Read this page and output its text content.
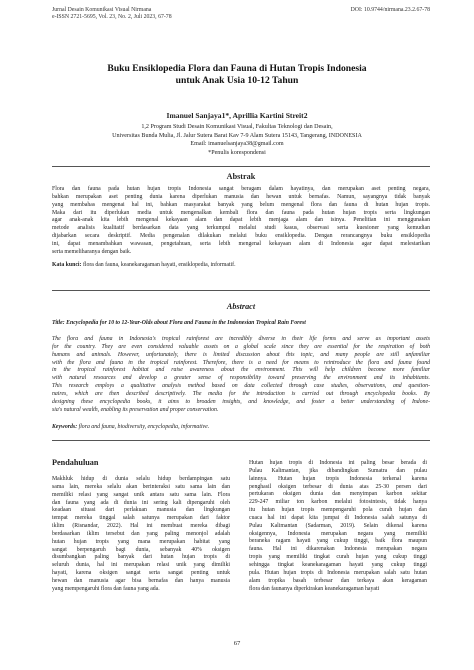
Jurnal Desain Komunikasi Visual Nirmana	DOI: 10.9744/nirmana.23.2.67-78
e-ISSN 2721-5695, Vol. 23, No. 2, Juli 2023, 67-78
Buku Ensiklopedia Flora dan Fauna di Hutan Tropis Indonesia
untuk Anak Usia 10-12 Tahun
Imanuel Sanjaya1*, Aprillia Kartini Streit2
1,2 Program Studi Desain Komunikasi Visual, Fakultas Teknologi dan Desain,
Universitas Bunda Mulia, Jl. Jalur Sutera Barat Kav 7-9 Alam Sutera 15143, Tangerang, INDONESIA
Email: imanuelsanjaya38@gmail.com
*Penulis korespondensi
Abstrak
Flora dan fauna pada hutan hujan tropis Indonesia sangat beragam dalam hayatinya, dan merupakan aset penting negara,
bahkan merupakan aset penting dunia karena diperlukan manusia dan hewan untuk bernafas. Namun, sayangnya tidak banyak
yang membahas mengenai hal ini, bahkan masyarakat banyak yang belum mengenal flora dan fauna di hutan hujan tropis.
Maka dari itu diperlukan media untuk mengenalkan kembali flora dan fauna pada hutan hujan tropis serta lingkungan
agar anak-anak kita lebih mengenal kekayaan alam dan dapat lebih menjaga alam dan isinya. Penelitian ini menggunakan
metode analisis kualitatif berdasarkan data yang terkumpul melalui studi kasus, observasi serta kuesioner yang kemudian
dijabarkan secara deskriptif. Media pengenalan dilakukan melalui buku ensiklopedia. Dengan rerancangnya buku ensiklopedia
ini, dapat menambahkan wawasan, pengetahuan, serta lebih mengenal kekayaan alam di Indonesia agar dapat melestarikan
serta memeliharanya dengan baik.
Kata kunci: flora dan fauna, keanekaragaman hayati, ensiklopedia, informatif.
Abstract
Title: Encyclopedia for 10 to 12-Year-Olds about Flora and Fauna in the Indonesian Tropical Rain Forest
The flora and fauna in Indonesia's tropical rainforest are incredibly diverse in their life forms and serve as important assets
for the country. They are even considered valuable assets on a global scale since they are essential for the respiration of both
humans and animals. However, unfortunately, there is limited discussion about this topic, and many people are still unfamiliar
with the flora and fauna in the tropical rainforest. Therefore, there is a need for means to reintroduce the flora and fauna found
in the tropical rainforest habitat and raise awareness about the environment. This will help children become more familiar
with natural resources and develop a greater sense of responsibility toward preserving the environment and its inhabitants.
This research employs a qualitative analysis method based on data collected through case studies, observations, and question-
naires, which are then described descriptively. The media for the introduction is carried out through encyclopedia books. By
designing these encyclopedia books, it aims to broaden insights, and knowledge, and foster a better understanding of Indone-
sia's natural wealth, enabling its preservation and proper conservation.
Keywords: flora and fauna, biodiversity, encyclopedia, informative.
Pendahuluan
Makhluk hidup di dunia selalu hidup berdampingan satu
sama lain, mereka selalu akan berinteraksi satu sama lain dan
memiliki relasi yang sangat unik antara satu sama lain. Flora
dan fauna yang ada di dunia ini sering kali dipengaruhi oleh
keadaan situasi dari perlakuan manusia dan lingkungan
tempat mereka tinggal salah satunya merupakan dari faktor
iklim (Risnandar, 2022). Hal ini membuat mereka dibagi
berdasarkan iklim tersebut dan yang paling menonjol adalah
hutan hujan tropis yang mana merupakan habitat yang
sangat berpengaruh bagi dunia, sebanyak 40% oksigen
disumbangkan paling banyak dari hutan hujan tropis di
seluruh dunia, hal ini merupakan relasi unik yang dimiliki
hayati, karena oksigen sangat serta sangat penting untuk
hewan dan manusia agar bisa bernafas dan hanya manusia
yang mempengaruhi flora dan fauna yang ada.
Hutan hujan tropis di Indonesia ini paling besar berada di
Pulau Kalimantan, jika dibandingkan Sumatra dan pulau
lainnya. Hutan hujan tropis Indonesia terkenal karena
penghasil oksigen terbesar di dunia atas 25-30 persen dari
pertukaran oksigen dunia dan menyimpan karbon sekitar
229-247 miliar ton karbon melalui fotosintesis, tidak hanya
itu hutan hujan tropis mempengaruhi pola curah hujan dan
cuaca hal ini dapat kita jumpai di Indonesia salah satunya di
Pulau Kalimantan (Sadarman, 2019). Selain dikenal karena
oksigennya, Indonesia merupakan negara yang memiliki
beraneka ragam hayati yang cukup tinggi, baik flora maupun
fauna. Hal ini dikarenakan Indonesia merupakan negara
tropis yang memiliki tingkat curah hujan yang cukup tinggi
sehingga tingkat keanekaragaman hayati yang cukup tinggi
pula. Hutan hujan tropis di Indonesia merupakan salah satu hutan
alam tropika basah terbesar dan terkaya akan keragaman
flora dan faunanya diperkirakan keanekaragaman hayati
67
